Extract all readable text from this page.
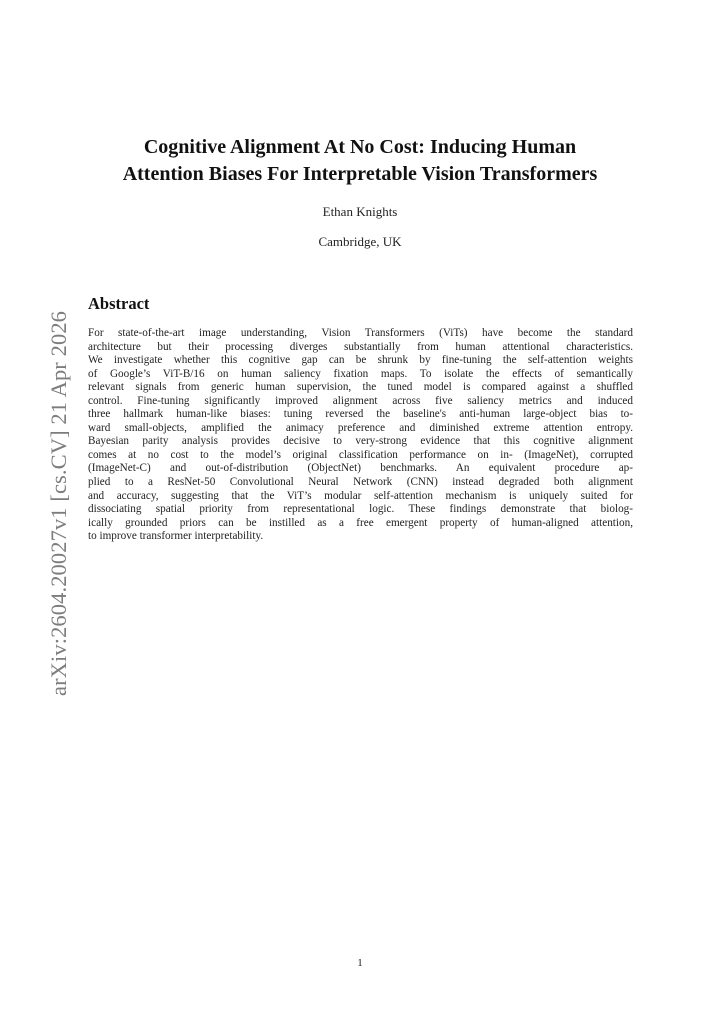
arXiv:2604.20027v1 [cs.CV] 21 Apr 2026
Cognitive Alignment At No Cost: Inducing Human
Attention Biases For Interpretable Vision Transformers
Ethan Knights
Cambridge, UK
Abstract
For state-of-the-art image understanding, Vision Transformers (ViTs) have become the standard
architecture but their processing diverges substantially from human attentional characteristics.
We investigate whether this cognitive gap can be shrunk by fine-tuning the self-attention weights
of Google’s ViT-B/16 on human saliency fixation maps. To isolate the effects of semantically
relevant signals from generic human supervision, the tuned model is compared against a shuffled
control. Fine-tuning significantly improved alignment across five saliency metrics and induced
three hallmark human-like biases: tuning reversed the baseline's anti-human large-object bias to-
ward small-objects, amplified the animacy preference and diminished extreme attention entropy.
Bayesian parity analysis provides decisive to very-strong evidence that this cognitive alignment
comes at no cost to the model’s original classification performance on in- (ImageNet), corrupted
(ImageNet-C) and out-of-distribution (ObjectNet) benchmarks. An equivalent procedure ap-
plied to a ResNet-50 Convolutional Neural Network (CNN) instead degraded both alignment
and accuracy, suggesting that the ViT’s modular self-attention mechanism is uniquely suited for
dissociating spatial priority from representational logic. These findings demonstrate that biolog-
ically grounded priors can be instilled as a free emergent property of human-aligned attention,
to improve transformer interpretability.
1
